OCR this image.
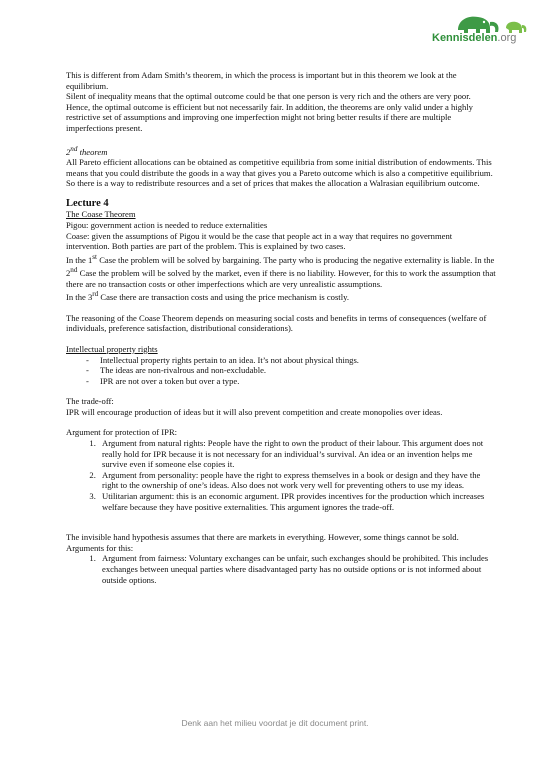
Kennisdelen.org

This is different from Adam Smith’s theorem, in which the process is important but in this theorem we look at the equilibrium.

Silent of inequality means that the optimal outcome could be that one person is very rich and the others are very poor. Hence, the optimal outcome is efficient but not necessarily fair. In addition, the theorems are only valid under a highly restrictive set of assumptions and improving one imperfection might not bring better results if there are multiple imperfections present.

2nd theorem

All Pareto efficient allocations can be obtained as competitive equilibria from some initial distribution of endowments. This means that you could distribute the goods in a way that gives you a Pareto outcome which is also a competitive equilibrium. So there is a way to redistribute resources and a set of prices that makes the allocation a Walrasian equilibrium outcome.

Lecture 4

The Coase Theorem

Pigou: government action is needed to reduce externalities

Coase: given the assumptions of Pigou it would be the case that people act in a way that requires no government intervention. Both parties are part of the problem. This is explained by two cases.

In the 1st Case the problem will be solved by bargaining. The party who is producing the negative externality is liable. In the 2nd Case the problem will be solved by the market, even if there is no liability. However, for this to work the assumption that there are no transaction costs or other imperfections which are very unrealistic assumptions.

In the 3rd Case there are transaction costs and using the price mechanism is costly.

The reasoning of the Coase Theorem depends on measuring social costs and benefits in terms of consequences (welfare of individuals, preference satisfaction, distributional considerations).

Intellectual property rights

- Intellectual property rights pertain to an idea. It’s not about physical things.
- The ideas are non-rivalrous and non-excludable.
- IPR are not over a token but over a type.

The trade-off:

IPR will encourage production of ideas but it will also prevent competition and create monopolies over ideas.

Argument for protection of IPR:

1. Argument from natural rights: People have the right to own the product of their labour. This argument does not really hold for IPR because it is not necessary for an individual’s survival. An idea or an invention helps me survive even if someone else copies it.
2. Argument from personality: people have the right to express themselves in a book or design and they have the right to the ownership of one’s ideas. Also does not work very well for preventing others to use my ideas.
3. Utilitarian argument: this is an economic argument. IPR provides incentives for the production which increases welfare because they have positive externalities. This argument ignores the trade-off.

The invisible hand hypothesis assumes that there are markets in everything. However, some things cannot be sold. Arguments for this:

1. Argument from fairness: Voluntary exchanges can be unfair, such exchanges should be prohibited. This includes exchanges between unequal parties where disadvantaged party has no outside options or is not informed about outside options.
Denk aan het milieu voordat je dit document print.
